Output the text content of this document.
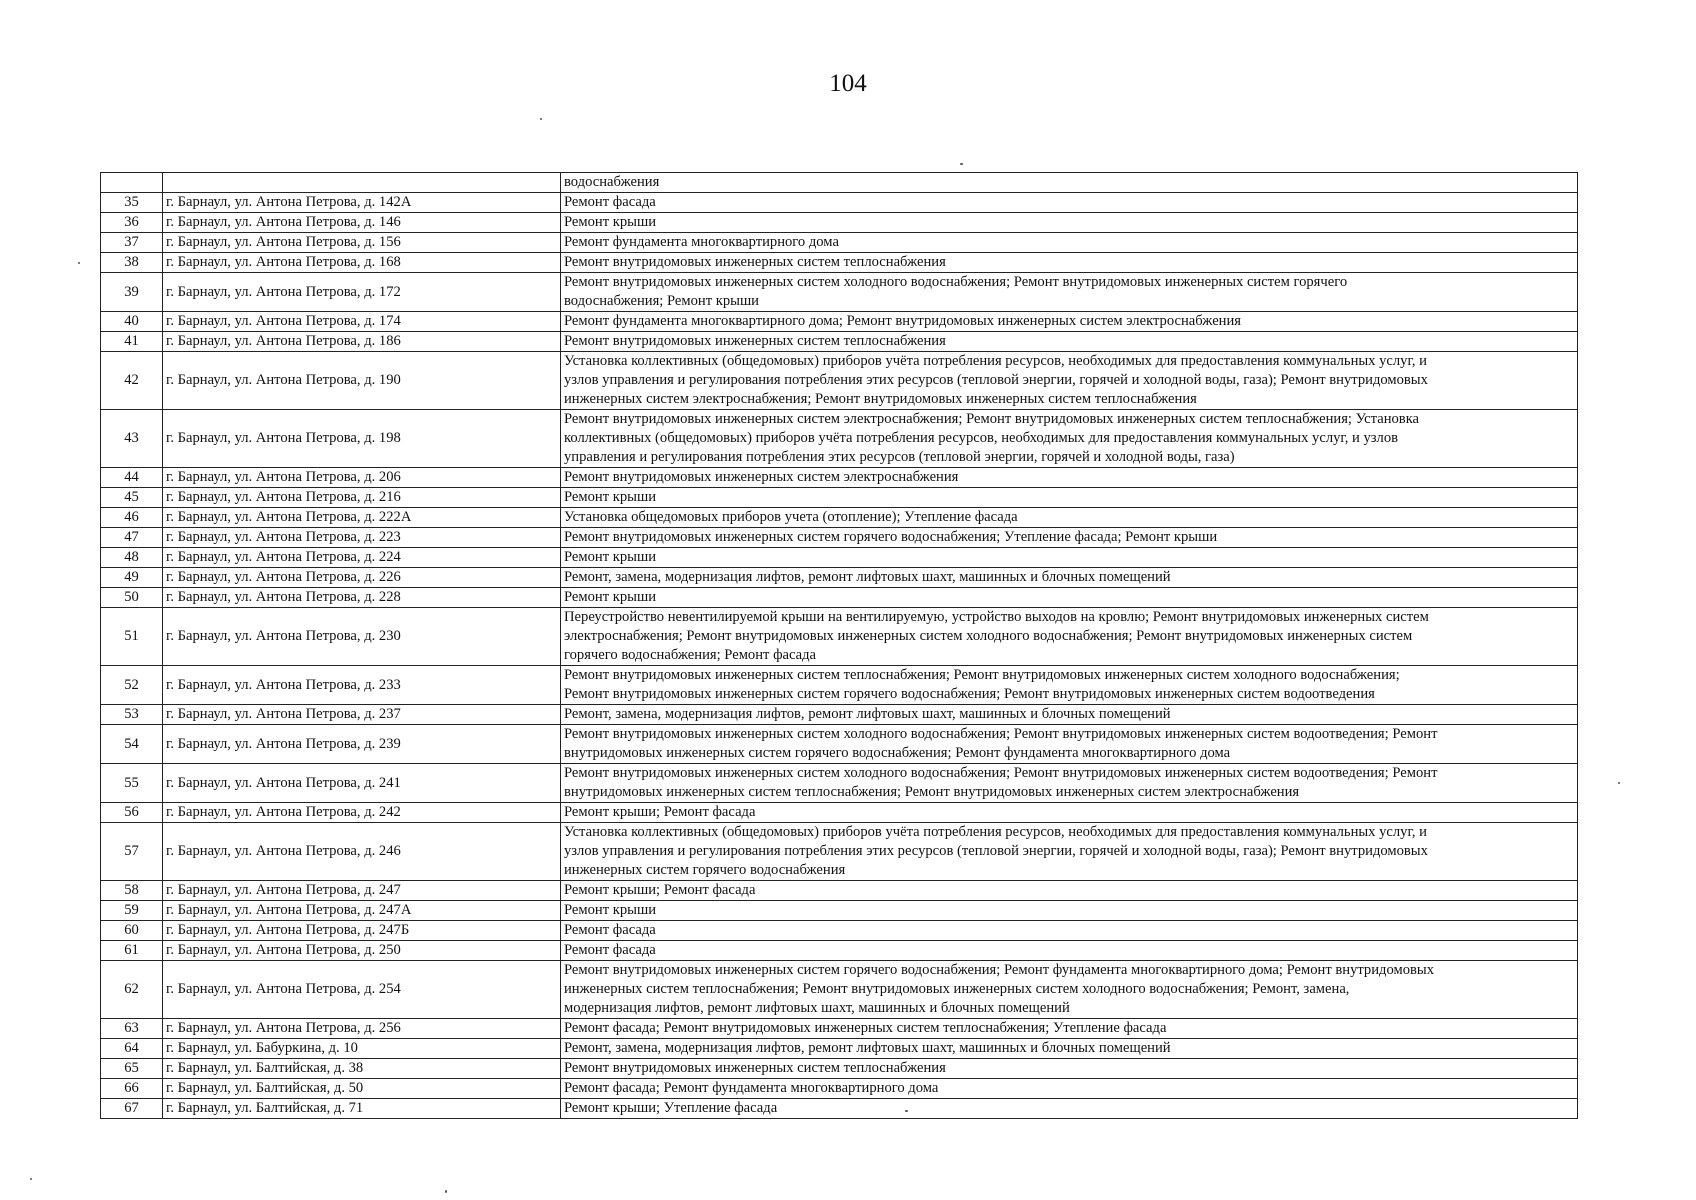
104
		водоснабжения
35	г. Барнаул, ул. Антона Петрова, д. 142А	Ремонт фасада
36	г. Барнаул, ул. Антона Петрова, д. 146	Ремонт крыши
37	г. Барнаул, ул. Антона Петрова, д. 156	Ремонт фундамента многоквартирного дома
38	г. Барнаул, ул. Антона Петрова, д. 168	Ремонт внутридомовых инженерных систем теплоснабжения
39	г. Барнаул, ул. Антона Петрова, д. 172	Ремонт внутридомовых инженерных систем холодного водоснабжения; Ремонт внутридомовых инженерных систем горячего
водоснабжения; Ремонт крыши
40	г. Барнаул, ул. Антона Петрова, д. 174	Ремонт фундамента многоквартирного дома; Ремонт внутридомовых инженерных систем электроснабжения
41	г. Барнаул, ул. Антона Петрова, д. 186	Ремонт внутридомовых инженерных систем теплоснабжения
42	г. Барнаул, ул. Антона Петрова, д. 190	Установка коллективных (общедомовых) приборов учёта потребления ресурсов, необходимых для предоставления коммунальных услуг, и
узлов управления и регулирования потребления этих ресурсов (тепловой энергии, горячей и холодной воды, газа); Ремонт внутридомовых
инженерных систем электроснабжения; Ремонт внутридомовых инженерных систем теплоснабжения
43	г. Барнаул, ул. Антона Петрова, д. 198	Ремонт внутридомовых инженерных систем электроснабжения; Ремонт внутридомовых инженерных систем теплоснабжения; Установка
коллективных (общедомовых) приборов учёта потребления ресурсов, необходимых для предоставления коммунальных услуг, и узлов
управления и регулирования потребления этих ресурсов (тепловой энергии, горячей и холодной воды, газа)
44	г. Барнаул, ул. Антона Петрова, д. 206	Ремонт внутридомовых инженерных систем электроснабжения
45	г. Барнаул, ул. Антона Петрова, д. 216	Ремонт крыши
46	г. Барнаул, ул. Антона Петрова, д. 222А	Установка общедомовых приборов учета (отопление); Утепление фасада
47	г. Барнаул, ул. Антона Петрова, д. 223	Ремонт внутридомовых инженерных систем горячего водоснабжения; Утепление фасада; Ремонт крыши
48	г. Барнаул, ул. Антона Петрова, д. 224	Ремонт крыши
49	г. Барнаул, ул. Антона Петрова, д. 226	Ремонт, замена, модернизация лифтов, ремонт лифтовых шахт, машинных и блочных помещений
50	г. Барнаул, ул. Антона Петрова, д. 228	Ремонт крыши
51	г. Барнаул, ул. Антона Петрова, д. 230	Переустройство невентилируемой крыши на вентилируемую, устройство выходов на кровлю; Ремонт внутридомовых инженерных систем
электроснабжения; Ремонт внутридомовых инженерных систем холодного водоснабжения; Ремонт внутридомовых инженерных систем
горячего водоснабжения; Ремонт фасада
52	г. Барнаул, ул. Антона Петрова, д. 233	Ремонт внутридомовых инженерных систем теплоснабжения; Ремонт внутридомовых инженерных систем холодного водоснабжения;
Ремонт внутридомовых инженерных систем горячего водоснабжения; Ремонт внутридомовых инженерных систем водоотведения
53	г. Барнаул, ул. Антона Петрова, д. 237	Ремонт, замена, модернизация лифтов, ремонт лифтовых шахт, машинных и блочных помещений
54	г. Барнаул, ул. Антона Петрова, д. 239	Ремонт внутридомовых инженерных систем холодного водоснабжения; Ремонт внутридомовых инженерных систем водоотведения; Ремонт
внутридомовых инженерных систем горячего водоснабжения; Ремонт фундамента многоквартирного дома
55	г. Барнаул, ул. Антона Петрова, д. 241	Ремонт внутридомовых инженерных систем холодного водоснабжения; Ремонт внутридомовых инженерных систем водоотведения; Ремонт
внутридомовых инженерных систем теплоснабжения; Ремонт внутридомовых инженерных систем электроснабжения
56	г. Барнаул, ул. Антона Петрова, д. 242	Ремонт крыши; Ремонт фасада
57	г. Барнаул, ул. Антона Петрова, д. 246	Установка коллективных (общедомовых) приборов учёта потребления ресурсов, необходимых для предоставления коммунальных услуг, и
узлов управления и регулирования потребления этих ресурсов (тепловой энергии, горячей и холодной воды, газа); Ремонт внутридомовых
инженерных систем горячего водоснабжения
58	г. Барнаул, ул. Антона Петрова, д. 247	Ремонт крыши; Ремонт фасада
59	г. Барнаул, ул. Антона Петрова, д. 247А	Ремонт крыши
60	г. Барнаул, ул. Антона Петрова, д. 247Б	Ремонт фасада
61	г. Барнаул, ул. Антона Петрова, д. 250	Ремонт фасада
62	г. Барнаул, ул. Антона Петрова, д. 254	Ремонт внутридомовых инженерных систем горячего водоснабжения; Ремонт фундамента многоквартирного дома; Ремонт внутридомовых
инженерных систем теплоснабжения; Ремонт внутридомовых инженерных систем холодного водоснабжения; Ремонт, замена,
модернизация лифтов, ремонт лифтовых шахт, машинных и блочных помещений
63	г. Барнаул, ул. Антона Петрова, д. 256	Ремонт фасада; Ремонт внутридомовых инженерных систем теплоснабжения; Утепление фасада
64	г. Барнаул, ул. Бабуркина, д. 10	Ремонт, замена, модернизация лифтов, ремонт лифтовых шахт, машинных и блочных помещений
65	г. Барнаул, ул. Балтийская, д. 38	Ремонт внутридомовых инженерных систем теплоснабжения
66	г. Барнаул, ул. Балтийская, д. 50	Ремонт фасада; Ремонт фундамента многоквартирного дома
67	г. Барнаул, ул. Балтийская, д. 71	Ремонт крыши; Утепление фасада
